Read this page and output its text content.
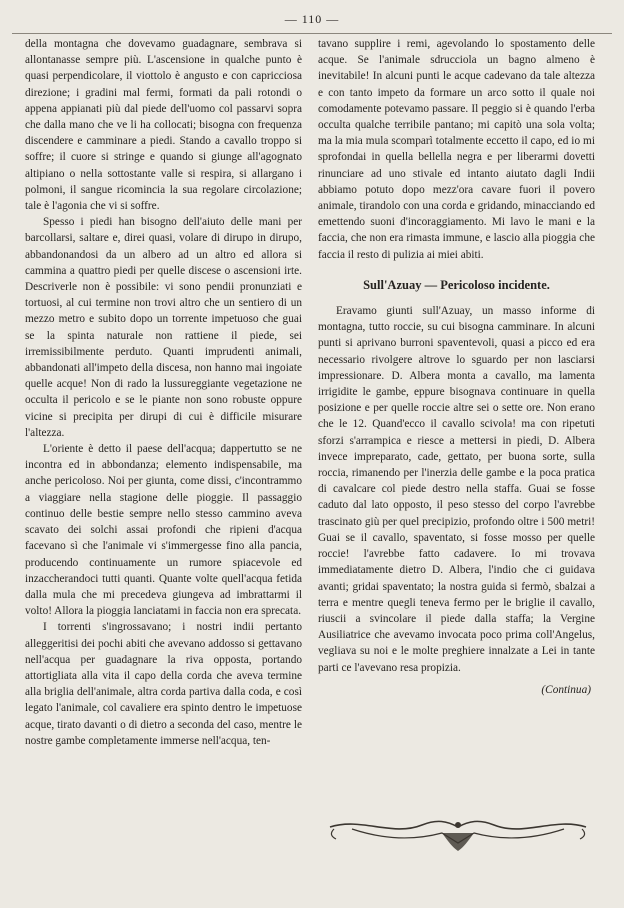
— 110 —

della montagna che dovevamo guadagnare, sembrava si allontanasse sempre più. L'ascensione in qualche punto è quasi perpendicolare, il viottolo è angusto e con capricciosa direzione; i gradini mal fermi, formati da pali rotondi o appena appianati più dal piede dell'uomo col passarvi sopra che dalla mano che ve li ha collocati; bisogna con frequenza discendere e camminare a piedi. Stando a cavallo troppo si soffre; il cuore si stringe e quando si giunge all'agognato altipiano o nella sottostante valle si respira, si allargano i polmoni, il sangue ricomincia la sua regolare circolazione; tale è l'agonia che vi si soffre.

Spesso i piedi han bisogno dell'aiuto delle mani per barcollarsi, saltare e, direi quasi, volare di dirupo in dirupo, abbandonandosi da un albero ad un altro ed allora si cammina a quattro piedi per quelle discese o ascensioni irte. Descriverle non è possibile: vi sono pendii pronunziati e tortuosi, al cui termine non trovi altro che un sentiero di un mezzo metro e subito dopo un torrente impetuoso che guai se la spinta naturale non rattiene il piede, sei irremissibilmente perduto. Quanti imprudenti animali, abbandonati all'impeto della discesa, non hanno mai ingoiate quelle acque! Non di rado la lussureggiante vegetazione ne occulta il pericolo e se le piante non sono robuste oppure vicine si precipita per dirupi di cui è difficile misurare l'altezza.

L'oriente è detto il paese dell'acqua; dappertutto se ne incontra ed in abbondanza; elemento indispensabile, ma anche pericoloso. Noi per giunta, come dissi, c'incontrammo a viaggiare nella stagione delle pioggie. Il passaggio continuo delle bestie sempre nello stesso cammino aveva scavato dei solchi assai profondi che ripieni d'acqua facevano sì che l'animale vi s'immergesse fino alla pancia, producendo continuamente un rumore spiacevole ed inzaccherandoci tutti quanti. Quante volte quell'acqua fetida dalla mula che mi precedeva giungeva ad imbrattarmi il volto! Allora la pioggia lanciatami in faccia non era sprecata.

I torrenti s'ingrossavano; i nostri indii pertanto alleggeritisi dei pochi abiti che avevano addosso si gettavano nell'acqua per guadagnare la riva opposta, portando attortigliata alla vita il capo della corda che aveva termine alla briglia dell'animale, altra corda partiva dalla coda, e così legato l'animale, col cavaliere era spinto dentro le impetuose acque, tirato davanti o di dietro a seconda del caso, mentre le nostre gambe completamente immerse nell'acqua, ten-

tavano supplire i remi, agevolando lo spostamento delle acque. Se l'animale sdrucciola un bagno almeno è inevitabile! In alcuni punti le acque cadevano da tale altezza e con tanto impeto da formare un arco sotto il quale noi comodamente potevamo passare. Il peggio si è quando l'erba occulta qualche terribile pantano; mi capitò una sola volta; ma la mia mula scomparì totalmente eccetto il capo, ed io mi sprofondai in quella bellella negra e per liberarmi dovetti rinunciare ad uno stivale ed intanto aiutato dagli Indii abbiamo potuto dopo mezz'ora cavare fuori il povero animale, tirandolo con una corda e gridando, minacciando ed emettendo suoni d'incoraggiamento. Mi lavo le mani e la faccia, che non era rimasta immune, e lascio alla pioggia che faccia il resto di pulizia ai miei abiti.

Sull'Azuay — Pericoloso incidente.

Eravamo giunti sull'Azuay, un masso informe di montagna, tutto roccie, su cui bisogna camminare. In alcuni punti si aprivano burroni spaventevoli, quasi a picco ed era necessario rivolgere altrove lo sguardo per non lasciarsi impressionare. D. Albera monta a cavallo, ma lamenta irrigidite le gambe, eppure bisognava continuare in quella posizione e per quelle roccie altre sei o sette ore. Non erano che le 12. Quand'ecco il cavallo scivola! ma con ripetuti sforzi s'arrampica e riesce a mettersi in piedi, D. Albera invece impreparato, cade, gettato, per buona sorte, sulla roccia, rimanendo per l'inerzia delle gambe e la poca pratica di cavalcare col piede destro nella staffa. Guai se fosse caduto dal lato opposto, il peso stesso del corpo l'avrebbe trascinato giù per quel precipizio, profondo oltre i 500 metri! Guai se il cavallo, spaventato, si fosse mosso per quelle roccie! l'avrebbe fatto cadavere. Io mi trovava immediatamente dietro D. Albera, l'indio che ci guidava avanti; gridai spaventato; la nostra guida si fermò, sbalzai a terra e mentre quegli teneva fermo per le briglie il cavallo, riuscii a svincolare il piede dalla staffa; la Vergine Ausiliatrice che avevamo invocata poco prima coll'Angelus, vegliava su noi e le molte preghiere innalzate a Lei in tante parti ce l'avevano resa propizia.

(Continua)
